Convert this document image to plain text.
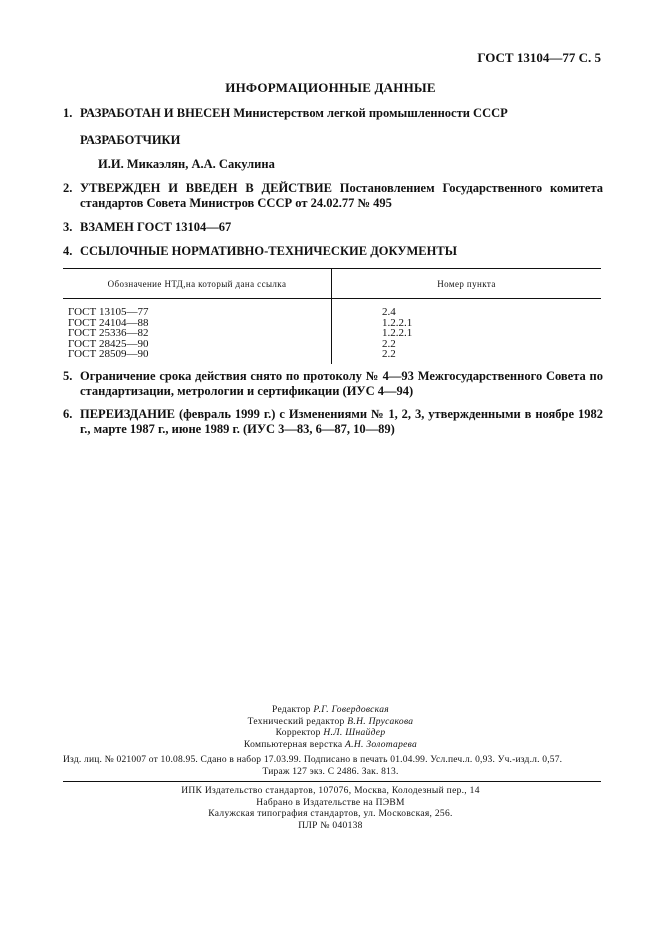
ГОСТ 13104—77 С. 5
ИНФОРМАЦИОННЫЕ ДАННЫЕ
1. РАЗРАБОТАН И ВНЕСЕН Министерством легкой промышленности СССР
РАЗРАБОТЧИКИ
И.И. Микаэлян, А.А. Сакулина
2. УТВЕРЖДЕН И ВВЕДЕН В ДЕЙСТВИЕ Постановлением Государственного комитета стандартов Совета Министров СССР от 24.02.77 № 495
3. ВЗАМЕН ГОСТ 13104—67
4. ССЫЛОЧНЫЕ НОРМАТИВНО-ТЕХНИЧЕСКИЕ ДОКУМЕНТЫ
Обозначение НТД,на который дана ссылка	Номер пункта
ГОСТ 13105—77	2.4
ГОСТ 24104—88	1.2.2.1
ГОСТ 25336—82	1.2.2.1
ГОСТ 28425—90	2.2
ГОСТ 28509—90	2.2
5. Ограничение срока действия снято по протоколу № 4—93 Межгосударственного Совета по стандартизации, метрологии и сертификации (ИУС 4—94)
6. ПЕРЕИЗДАНИЕ (февраль 1999 г.) с Изменениями № 1, 2, 3, утвержденными в ноябре 1982 г., марте 1987 г., июне 1989 г. (ИУС 3—83, 6—87, 10—89)
Редактор Р.Г. Говердовская
Технический редактор В.Н. Прусакова
Корректор Н.Л. Шнайдер
Компьютерная верстка А.Н. Золотарева
Изд. лиц. № 021007 от 10.08.95. Сдано в набор 17.03.99. Подписано в печать 01.04.99. Усл.печ.л. 0,93. Уч.-изд.л. 0,57.
Тираж 127 экз. С 2486. Зак. 813.
ИПК Издательство стандартов, 107076, Москва, Колодезный пер., 14
Набрано в Издательстве на ПЭВМ
Калужская типография стандартов, ул. Московская, 256.
ПЛР № 040138
